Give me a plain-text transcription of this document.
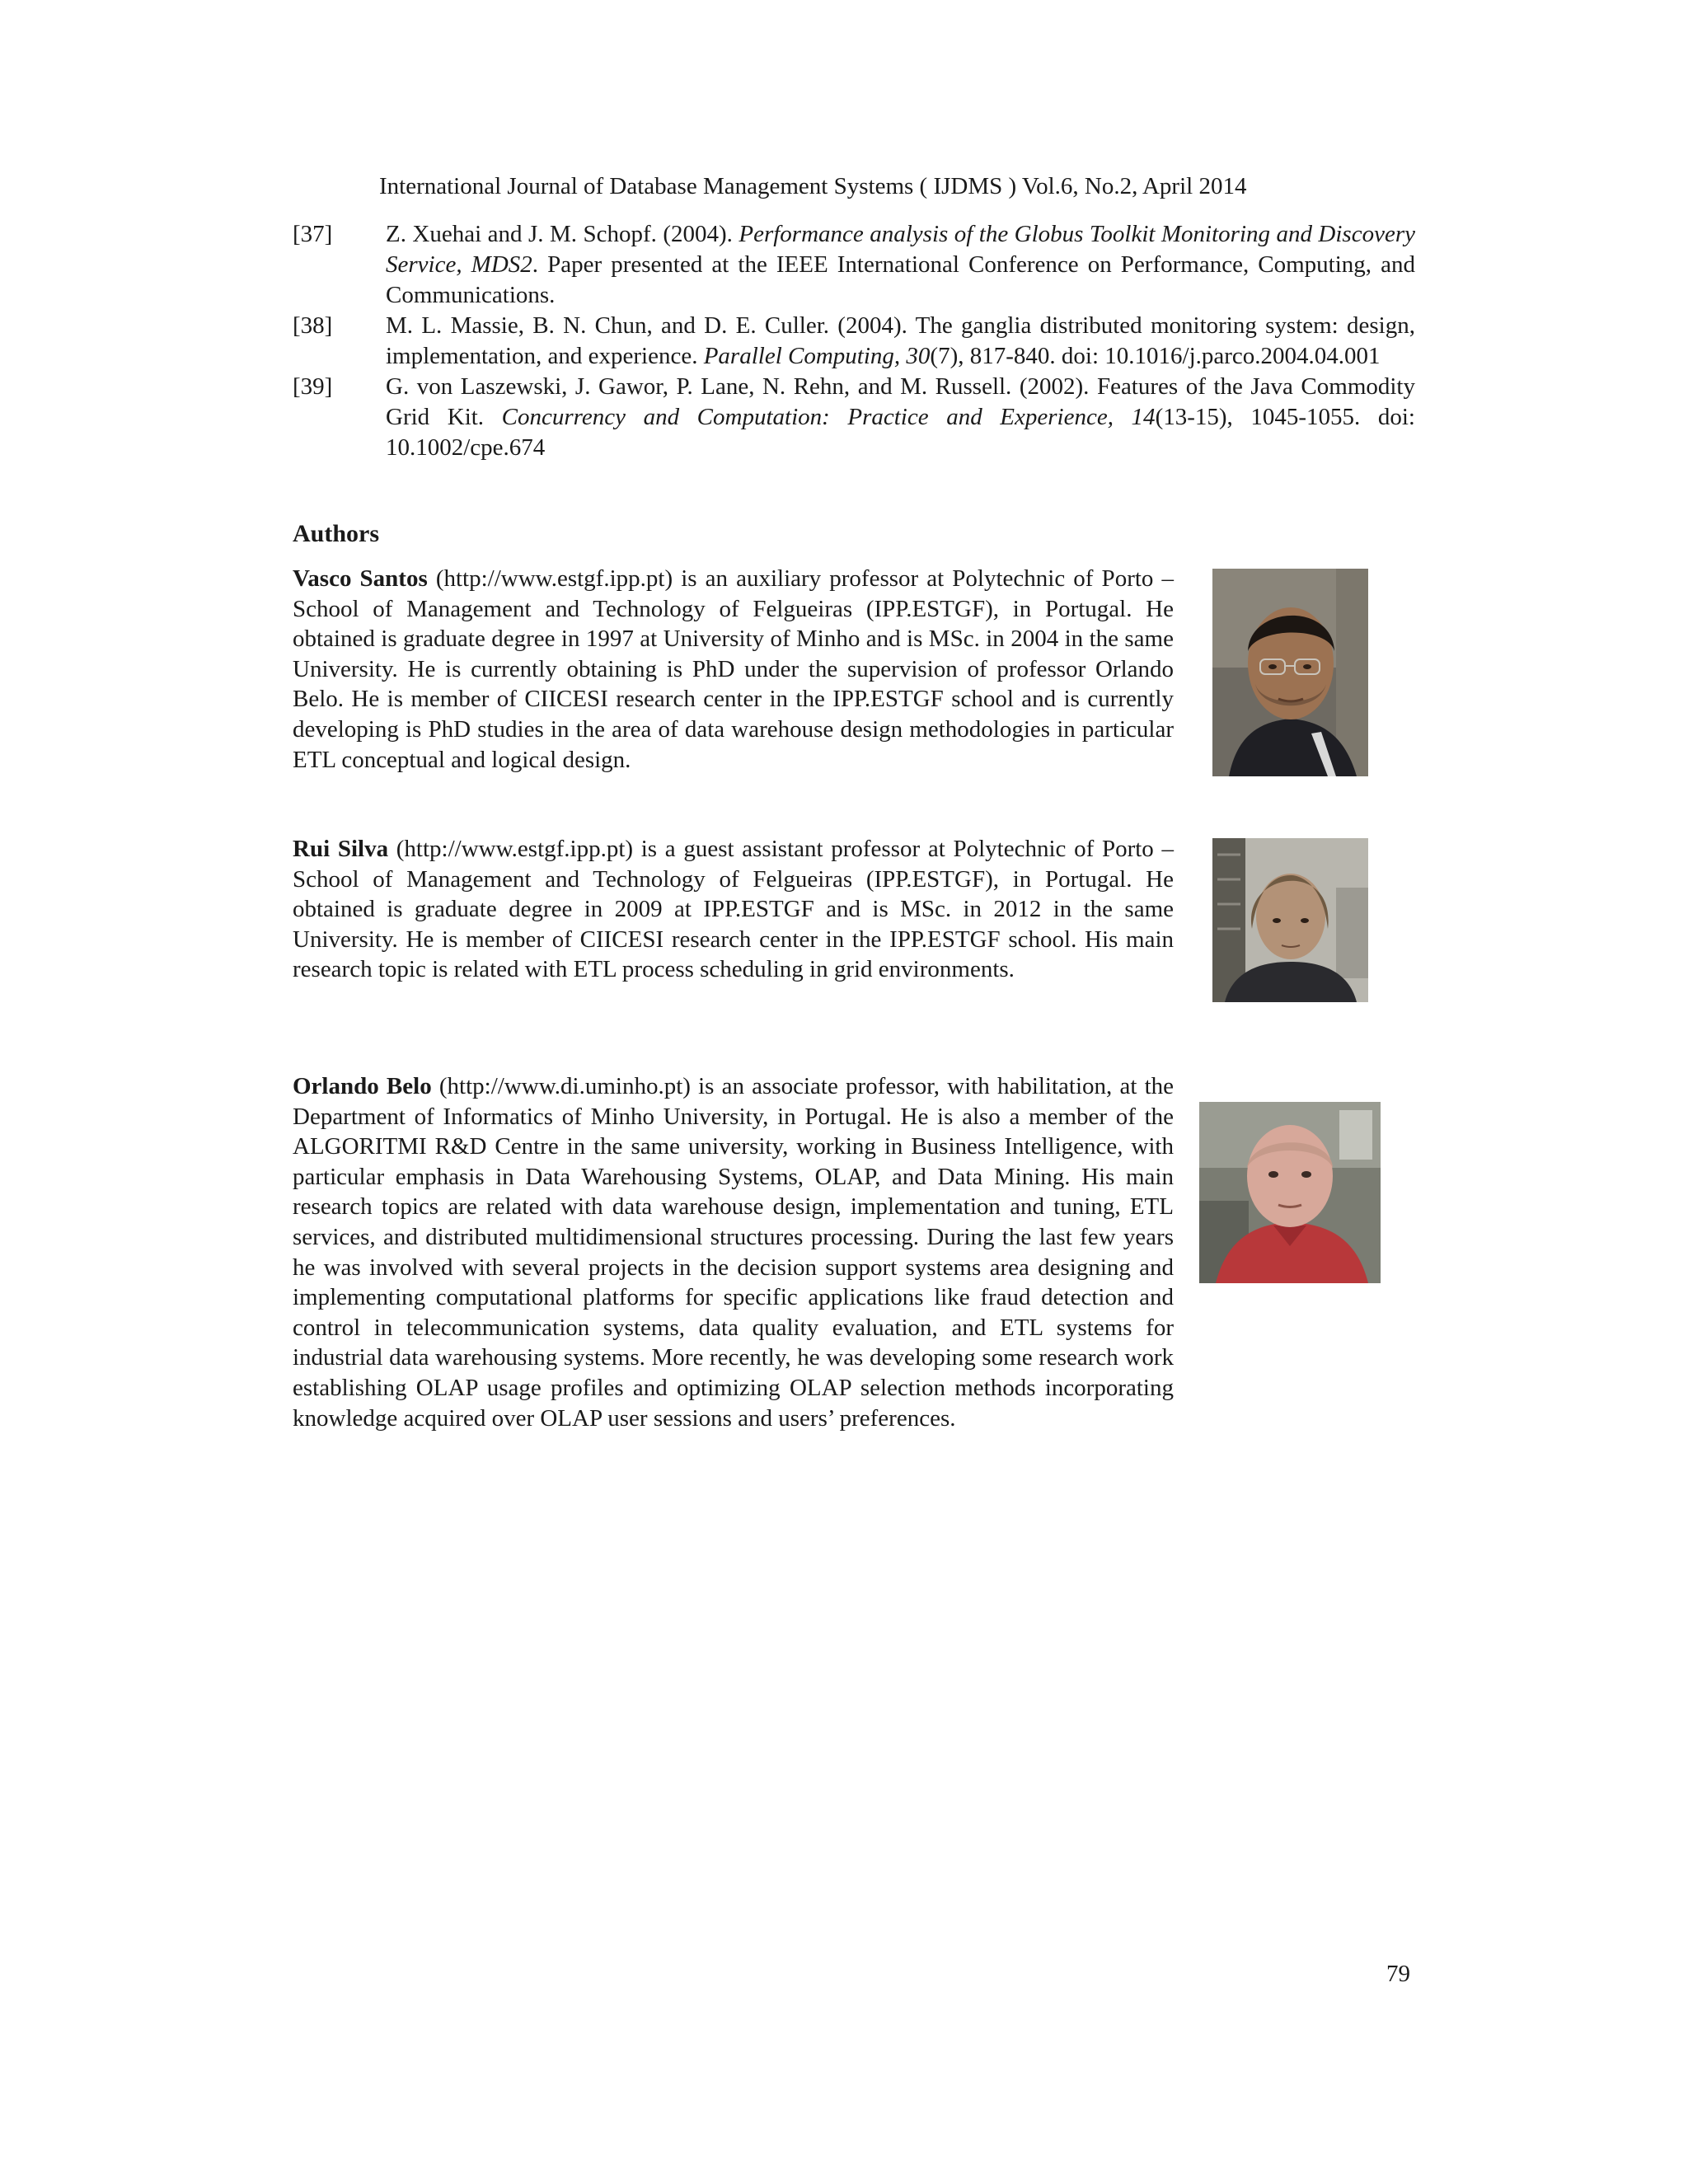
International Journal of Database Management Systems ( IJDMS ) Vol.6, No.2, April 2014
[37]	Z. Xuehai and J. M. Schopf. (2004). Performance analysis of the Globus Toolkit Monitoring and Discovery Service, MDS2. Paper presented at the IEEE International Conference on Performance, Computing, and Communications.
[38]	M. L. Massie, B. N. Chun, and D. E. Culler. (2004). The ganglia distributed monitoring system: design, implementation, and experience. Parallel Computing, 30(7), 817-840. doi: 10.1016/j.parco.2004.04.001
[39]	G. von Laszewski, J. Gawor, P. Lane, N. Rehn, and M. Russell. (2002). Features of the Java Commodity Grid Kit. Concurrency and Computation: Practice and Experience, 14(13-15), 1045-1055. doi: 10.1002/cpe.674
Authors
Vasco Santos (http://www.estgf.ipp.pt) is an auxiliary professor at Polytechnic of Porto – School of Management and Technology of Felgueiras (IPP.ESTGF), in Portugal. He obtained is graduate degree in 1997 at University of Minho and is MSc. in 2004 in the same University. He is currently obtaining is PhD under the supervision of professor Orlando Belo. He is member of CIICESI research center in the IPP.ESTGF school and is currently developing is PhD studies in the area of data warehouse design methodologies in particular ETL conceptual and logical design.
Rui Silva (http://www.estgf.ipp.pt) is a guest assistant professor at Polytechnic of Porto – School of Management and Technology of Felgueiras (IPP.ESTGF), in Portugal. He obtained is graduate degree in 2009 at IPP.ESTGF and is MSc. in 2012 in the same University. He is member of CIICESI research center in the IPP.ESTGF school. His main research topic is related with ETL process scheduling in grid environments.
Orlando Belo (http://www.di.uminho.pt) is an associate professor, with habilitation, at the Department of Informatics of Minho University, in Portugal. He is also a member of the ALGORITMI R&D Centre in the same university, working in Business Intelligence, with particular emphasis in Data Warehousing Systems, OLAP, and Data Mining. His main research topics are related with data warehouse design, implementation and tuning, ETL services, and distributed multidimensional structures processing. During the last few years he was involved with several projects in the decision support systems area designing and implementing computational platforms for specific applications like fraud detection and control in telecommunication systems, data quality evaluation, and ETL systems for industrial data warehousing systems. More recently, he was developing some research work establishing OLAP usage profiles and optimizing OLAP selection methods incorporating knowledge acquired over OLAP user sessions and users’ preferences.
79
